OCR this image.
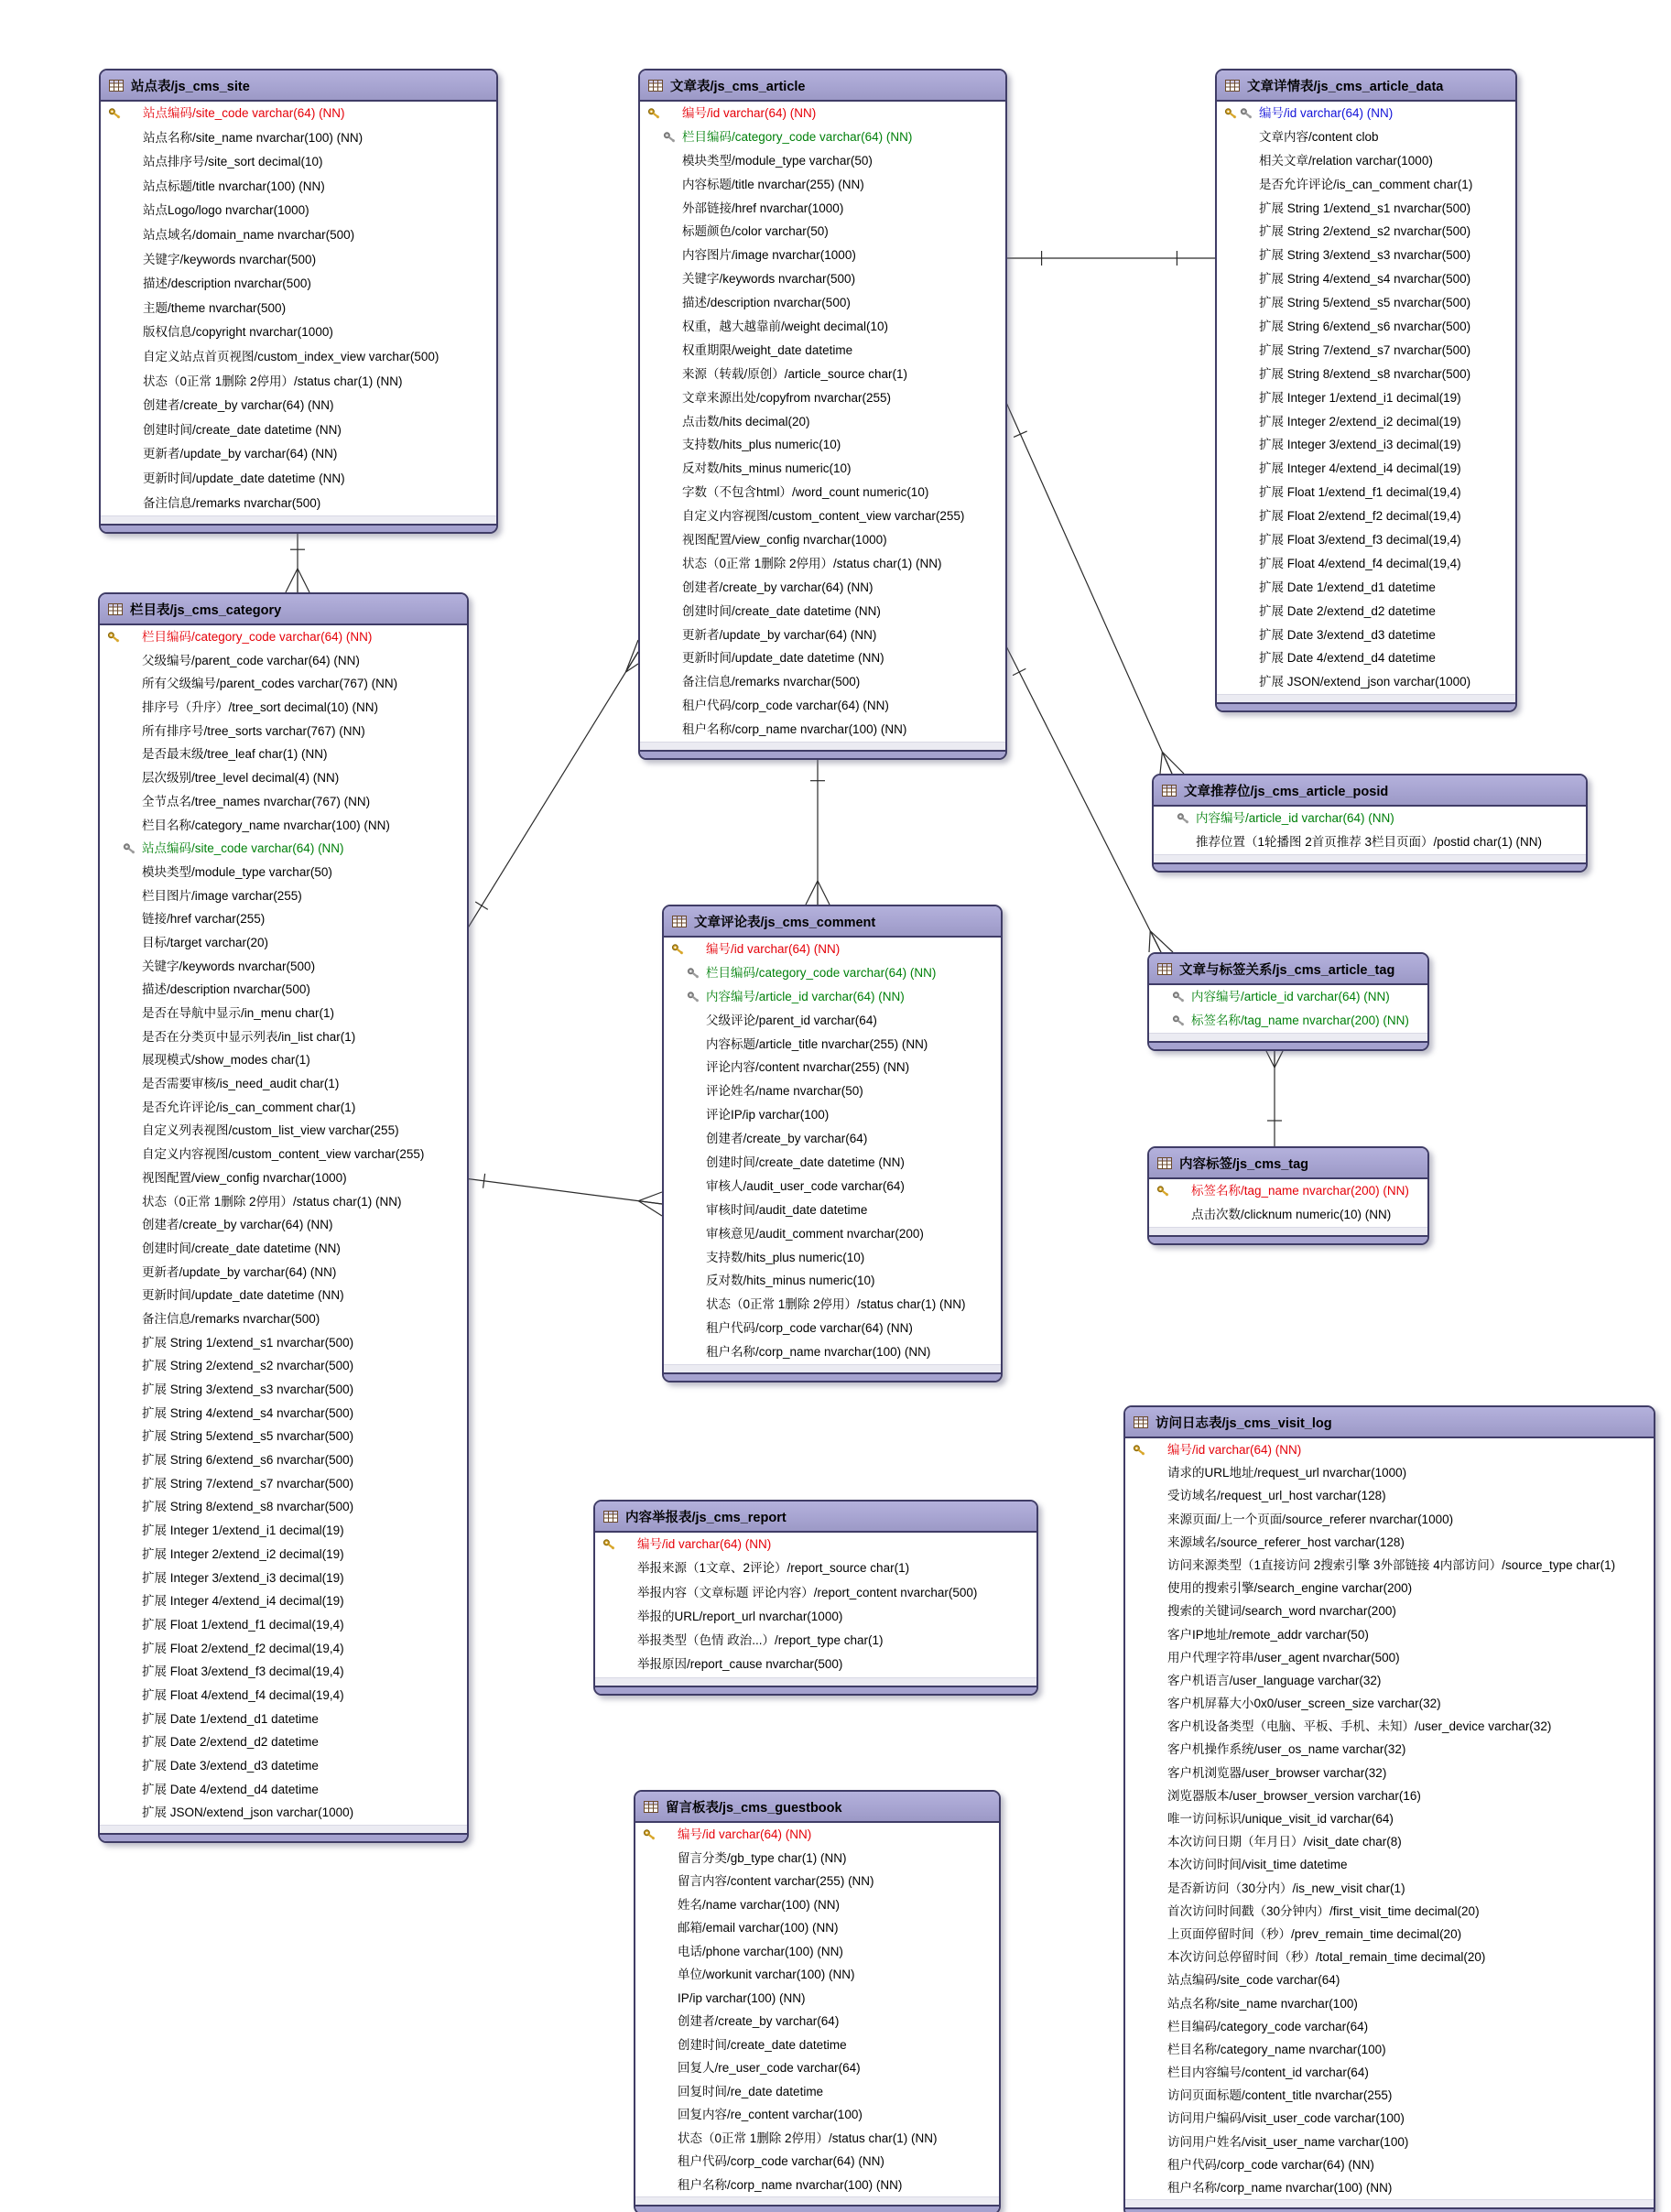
站点表/js_cms_site
站点编码/site_code varchar(64) (NN)
站点名称/site_name nvarchar(100) (NN)
站点排序号/site_sort decimal(10)
站点标题/title nvarchar(100) (NN)
站点Logo/logo nvarchar(1000)
站点域名/domain_name nvarchar(500)
关键字/keywords nvarchar(500)
描述/description nvarchar(500)
主题/theme nvarchar(500)
版权信息/copyright nvarchar(1000)
自定义站点首页视图/custom_index_view varchar(500)
状态（0正常 1删除 2停用）/status char(1) (NN)
创建者/create_by varchar(64) (NN)
创建时间/create_date datetime (NN)
更新者/update_by varchar(64) (NN)
更新时间/update_date datetime (NN)
备注信息/remarks nvarchar(500)
文章表/js_cms_article
编号/id varchar(64) (NN)
栏目编码/category_code varchar(64) (NN)
模块类型/module_type varchar(50)
内容标题/title nvarchar(255) (NN)
外部链接/href nvarchar(1000)
标题颜色/color varchar(50)
内容图片/image nvarchar(1000)
关键字/keywords nvarchar(500)
描述/description nvarchar(500)
权重，越大越靠前/weight decimal(10)
权重期限/weight_date datetime
来源（转载/原创）/article_source char(1)
文章来源出处/copyfrom nvarchar(255)
点击数/hits decimal(20)
支持数/hits_plus numeric(10)
反对数/hits_minus numeric(10)
字数（不包含html）/word_count numeric(10)
自定义内容视图/custom_content_view varchar(255)
视图配置/view_config nvarchar(1000)
状态（0正常 1删除 2停用）/status char(1) (NN)
创建者/create_by varchar(64) (NN)
创建时间/create_date datetime (NN)
更新者/update_by varchar(64) (NN)
更新时间/update_date datetime (NN)
备注信息/remarks nvarchar(500)
租户代码/corp_code varchar(64) (NN)
租户名称/corp_name nvarchar(100) (NN)
文章详情表/js_cms_article_data
编号/id varchar(64) (NN)
文章内容/content clob
相关文章/relation varchar(1000)
是否允许评论/is_can_comment char(1)
扩展 String 1/extend_s1 nvarchar(500)
扩展 String 2/extend_s2 nvarchar(500)
扩展 String 3/extend_s3 nvarchar(500)
扩展 String 4/extend_s4 nvarchar(500)
扩展 String 5/extend_s5 nvarchar(500)
扩展 String 6/extend_s6 nvarchar(500)
扩展 String 7/extend_s7 nvarchar(500)
扩展 String 8/extend_s8 nvarchar(500)
扩展 Integer 1/extend_i1 decimal(19)
扩展 Integer 2/extend_i2 decimal(19)
扩展 Integer 3/extend_i3 decimal(19)
扩展 Integer 4/extend_i4 decimal(19)
扩展 Float 1/extend_f1 decimal(19,4)
扩展 Float 2/extend_f2 decimal(19,4)
扩展 Float 3/extend_f3 decimal(19,4)
扩展 Float 4/extend_f4 decimal(19,4)
扩展 Date 1/extend_d1 datetime
扩展 Date 2/extend_d2 datetime
扩展 Date 3/extend_d3 datetime
扩展 Date 4/extend_d4 datetime
扩展 JSON/extend_json varchar(1000)
栏目表/js_cms_category
栏目编码/category_code varchar(64) (NN)
父级编号/parent_code varchar(64) (NN)
所有父级编号/parent_codes varchar(767) (NN)
排序号（升序）/tree_sort decimal(10) (NN)
所有排序号/tree_sorts varchar(767) (NN)
是否最末级/tree_leaf char(1) (NN)
层次级别/tree_level decimal(4) (NN)
全节点名/tree_names nvarchar(767) (NN)
栏目名称/category_name nvarchar(100) (NN)
站点编码/site_code varchar(64) (NN)
模块类型/module_type varchar(50)
栏目图片/image varchar(255)
链接/href varchar(255)
目标/target varchar(20)
关键字/keywords nvarchar(500)
描述/description nvarchar(500)
是否在导航中显示/in_menu char(1)
是否在分类页中显示列表/in_list char(1)
展现模式/show_modes char(1)
是否需要审核/is_need_audit char(1)
是否允许评论/is_can_comment char(1)
自定义列表视图/custom_list_view varchar(255)
自定义内容视图/custom_content_view varchar(255)
视图配置/view_config nvarchar(1000)
状态（0正常 1删除 2停用）/status char(1) (NN)
创建者/create_by varchar(64) (NN)
创建时间/create_date datetime (NN)
更新者/update_by varchar(64) (NN)
更新时间/update_date datetime (NN)
备注信息/remarks nvarchar(500)
扩展 String 1/extend_s1 nvarchar(500)
扩展 String 2/extend_s2 nvarchar(500)
扩展 String 3/extend_s3 nvarchar(500)
扩展 String 4/extend_s4 nvarchar(500)
扩展 String 5/extend_s5 nvarchar(500)
扩展 String 6/extend_s6 nvarchar(500)
扩展 String 7/extend_s7 nvarchar(500)
扩展 String 8/extend_s8 nvarchar(500)
扩展 Integer 1/extend_i1 decimal(19)
扩展 Integer 2/extend_i2 decimal(19)
扩展 Integer 3/extend_i3 decimal(19)
扩展 Integer 4/extend_i4 decimal(19)
扩展 Float 1/extend_f1 decimal(19,4)
扩展 Float 2/extend_f2 decimal(19,4)
扩展 Float 3/extend_f3 decimal(19,4)
扩展 Float 4/extend_f4 decimal(19,4)
扩展 Date 1/extend_d1 datetime
扩展 Date 2/extend_d2 datetime
扩展 Date 3/extend_d3 datetime
扩展 Date 4/extend_d4 datetime
扩展 JSON/extend_json varchar(1000)
文章评论表/js_cms_comment
编号/id varchar(64) (NN)
栏目编码/category_code varchar(64) (NN)
内容编号/article_id varchar(64) (NN)
父级评论/parent_id varchar(64)
内容标题/article_title nvarchar(255) (NN)
评论内容/content nvarchar(255) (NN)
评论姓名/name nvarchar(50)
评论IP/ip varchar(100)
创建者/create_by varchar(64)
创建时间/create_date datetime (NN)
审核人/audit_user_code varchar(64)
审核时间/audit_date datetime
审核意见/audit_comment nvarchar(200)
支持数/hits_plus numeric(10)
反对数/hits_minus numeric(10)
状态（0正常 1删除 2停用）/status char(1) (NN)
租户代码/corp_code varchar(64) (NN)
租户名称/corp_name nvarchar(100) (NN)
文章推荐位/js_cms_article_posid
内容编号/article_id varchar(64) (NN)
推荐位置（1轮播图 2首页推荐 3栏目页面）/postid char(1) (NN)
文章与标签关系/js_cms_article_tag
内容编号/article_id varchar(64) (NN)
标签名称/tag_name nvarchar(200) (NN)
内容标签/js_cms_tag
标签名称/tag_name nvarchar(200) (NN)
点击次数/clicknum numeric(10) (NN)
内容举报表/js_cms_report
编号/id varchar(64) (NN)
举报来源（1文章、2评论）/report_source char(1)
举报内容（文章标题 评论内容）/report_content nvarchar(500)
举报的URL/report_url nvarchar(1000)
举报类型（色情 政治...）/report_type char(1)
举报原因/report_cause nvarchar(500)
留言板表/js_cms_guestbook
编号/id varchar(64) (NN)
留言分类/gb_type char(1) (NN)
留言内容/content varchar(255) (NN)
姓名/name varchar(100) (NN)
邮箱/email varchar(100) (NN)
电话/phone varchar(100) (NN)
单位/workunit varchar(100) (NN)
IP/ip varchar(100) (NN)
创建者/create_by varchar(64)
创建时间/create_date datetime
回复人/re_user_code varchar(64)
回复时间/re_date datetime
回复内容/re_content varchar(100)
状态（0正常 1删除 2停用）/status char(1) (NN)
租户代码/corp_code varchar(64) (NN)
租户名称/corp_name nvarchar(100) (NN)
访问日志表/js_cms_visit_log
编号/id varchar(64) (NN)
请求的URL地址/request_url nvarchar(1000)
受访域名/request_url_host varchar(128)
来源页面/上一个页面/source_referer nvarchar(1000)
来源域名/source_referer_host varchar(128)
访问来源类型（1直接访问 2搜索引擎 3外部链接 4内部访问）/source_type char(1)
使用的搜索引擎/search_engine varchar(200)
搜索的关键词/search_word nvarchar(200)
客户IP地址/remote_addr varchar(50)
用户代理字符串/user_agent nvarchar(500)
客户机语言/user_language varchar(32)
客户机屏幕大小0x0/user_screen_size varchar(32)
客户机设备类型（电脑、平板、手机、未知）/user_device varchar(32)
客户机操作系统/user_os_name varchar(32)
客户机浏览器/user_browser varchar(32)
浏览器版本/user_browser_version varchar(16)
唯一访问标识/unique_visit_id varchar(64)
本次访问日期（年月日）/visit_date char(8)
本次访问时间/visit_time datetime
是否新访问（30分内）/is_new_visit char(1)
首次访问时间戳（30分钟内）/first_visit_time decimal(20)
上页面停留时间（秒）/prev_remain_time decimal(20)
本次访问总停留时间（秒）/total_remain_time decimal(20)
站点编码/site_code varchar(64)
站点名称/site_name nvarchar(100)
栏目编码/category_code varchar(64)
栏目名称/category_name nvarchar(100)
栏目内容编号/content_id varchar(64)
访问页面标题/content_title nvarchar(255)
访问用户编码/visit_user_code varchar(100)
访问用户姓名/visit_user_name varchar(100)
租户代码/corp_code varchar(64) (NN)
租户名称/corp_name nvarchar(100) (NN)
